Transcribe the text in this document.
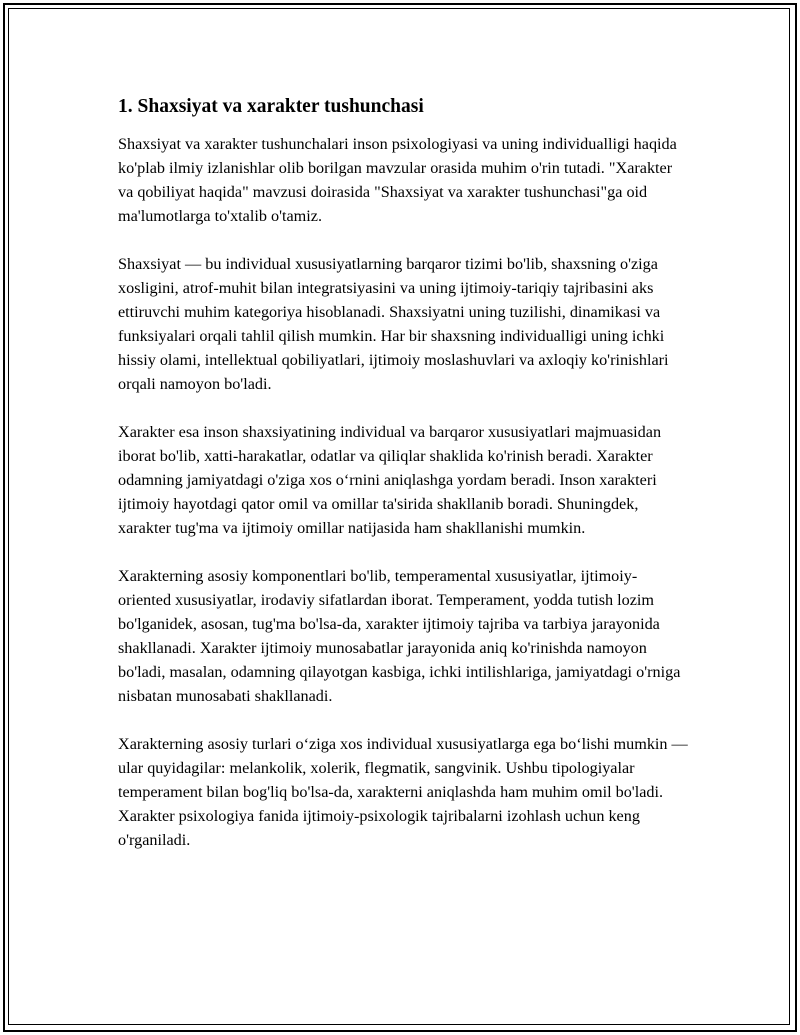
1. Shaxsiyat va xarakter tushunchasi

Shaxsiyat va xarakter tushunchalari inson psixologiyasi va uning individualligi haqida ko'plab ilmiy izlanishlar olib borilgan mavzular orasida muhim o'rin tutadi. "Xarakter va qobiliyat haqida" mavzusi doirasida "Shaxsiyat va xarakter tushunchasi"ga oid ma'lumotlarga to'xtalib o'tamiz.

Shaxsiyat — bu individual xususiyatlarning barqaror tizimi bo'lib, shaxsning o'ziga xosligini, atrof-muhit bilan integratsiyasini va uning ijtimoiy-tariqiy tajribasini aks ettiruvchi muhim kategoriya hisoblanadi. Shaxsiyatni uning tuzilishi, dinamikasi va funksiyalari orqali tahlil qilish mumkin. Har bir shaxsning individualligi uning ichki hissiy olami, intellektual qobiliyatlari, ijtimoiy moslashuvlari va axloqiy ko'rinishlari orqali namoyon bo'ladi.

Xarakter esa inson shaxsiyatining individual va barqaror xususiyatlari majmuasidan iborat bo'lib, xatti-harakatlar, odatlar va qiliqlar shaklida ko'rinish beradi. Xarakter odamning jamiyatdagi o'ziga xos o‘rnini aniqlashga yordam beradi. Inson xarakteri ijtimoiy hayotdagi qator omil va omillar ta'sirida shakllanib boradi. Shuningdek, xarakter tug'ma va ijtimoiy omillar natijasida ham shakllanishi mumkin.

Xarakterning asosiy komponentlari bo'lib, temperamental xususiyatlar, ijtimoiy-oriented xususiyatlar, irodaviy sifatlardan iborat. Temperament, yodda tutish lozim bo'lganidek, asosan, tug'ma bo'lsa-da, xarakter ijtimoiy tajriba va tarbiya jarayonida shakllanadi. Xarakter ijtimoiy munosabatlar jarayonida aniq ko'rinishda namoyon bo'ladi, masalan, odamning qilayotgan kasbiga, ichki intilishlariga, jamiyatdagi o'rniga nisbatan munosabati shakllanadi.

Xarakterning asosiy turlari o‘ziga xos individual xususiyatlarga ega bo‘lishi mumkin — ular quyidagilar: melankolik, xolerik, flegmatik, sangvinik. Ushbu tipologiyalar temperament bilan bog'liq bo'lsa-da, xarakterni aniqlashda ham muhim omil bo'ladi. Xarakter psixologiya fanida ijtimoiy-psixologik tajribalarni izohlash uchun keng o'rganiladi.
